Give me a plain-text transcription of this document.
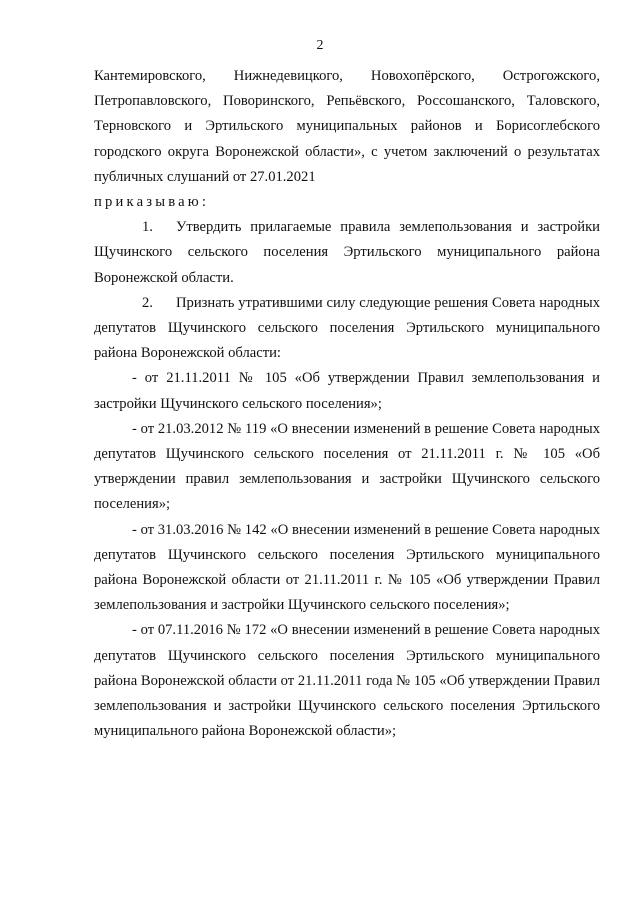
2

Кантемировского, Нижнедевицкого, Новохопёрского, Острогожского, Петропавловского, Поворинского, Репьёвского, Россошанского, Таловского, Терновского и Эртильского муниципальных районов и Борисоглебского городского округа Воронежской области», с учетом заключений о результатах публичных слушаний от 27.01.2021

приказываю:

1. Утвердить прилагаемые правила землепользования и застройки Щучинского сельского поселения Эртильского муниципального района Воронежской области.

2. Признать утратившими силу следующие решения Совета народных депутатов Щучинского сельского поселения Эртильского муниципального района Воронежской области:

- от 21.11.2011 № 105 «Об утверждении Правил землепользования и застройки Щучинского сельского поселения»;

- от 21.03.2012 № 119 «О внесении изменений в решение Совета народных депутатов Щучинского сельского поселения от 21.11.2011 г. № 105 «Об утверждении правил землепользования и застройки Щучинского сельского поселения»;

- от 31.03.2016 № 142 «О внесении изменений в решение Совета народных депутатов Щучинского сельского поселения Эртильского муниципального района Воронежской области от 21.11.2011 г. № 105 «Об утверждении Правил землепользования и застройки Щучинского сельского поселения»;

- от 07.11.2016 № 172 «О внесении изменений в решение Совета народных депутатов Щучинского сельского поселения Эртильского муниципального района Воронежской области от 21.11.2011 года № 105 «Об утверждении Правил землепользования и застройки Щучинского сельского поселения Эртильского муниципального района Воронежской области»;
